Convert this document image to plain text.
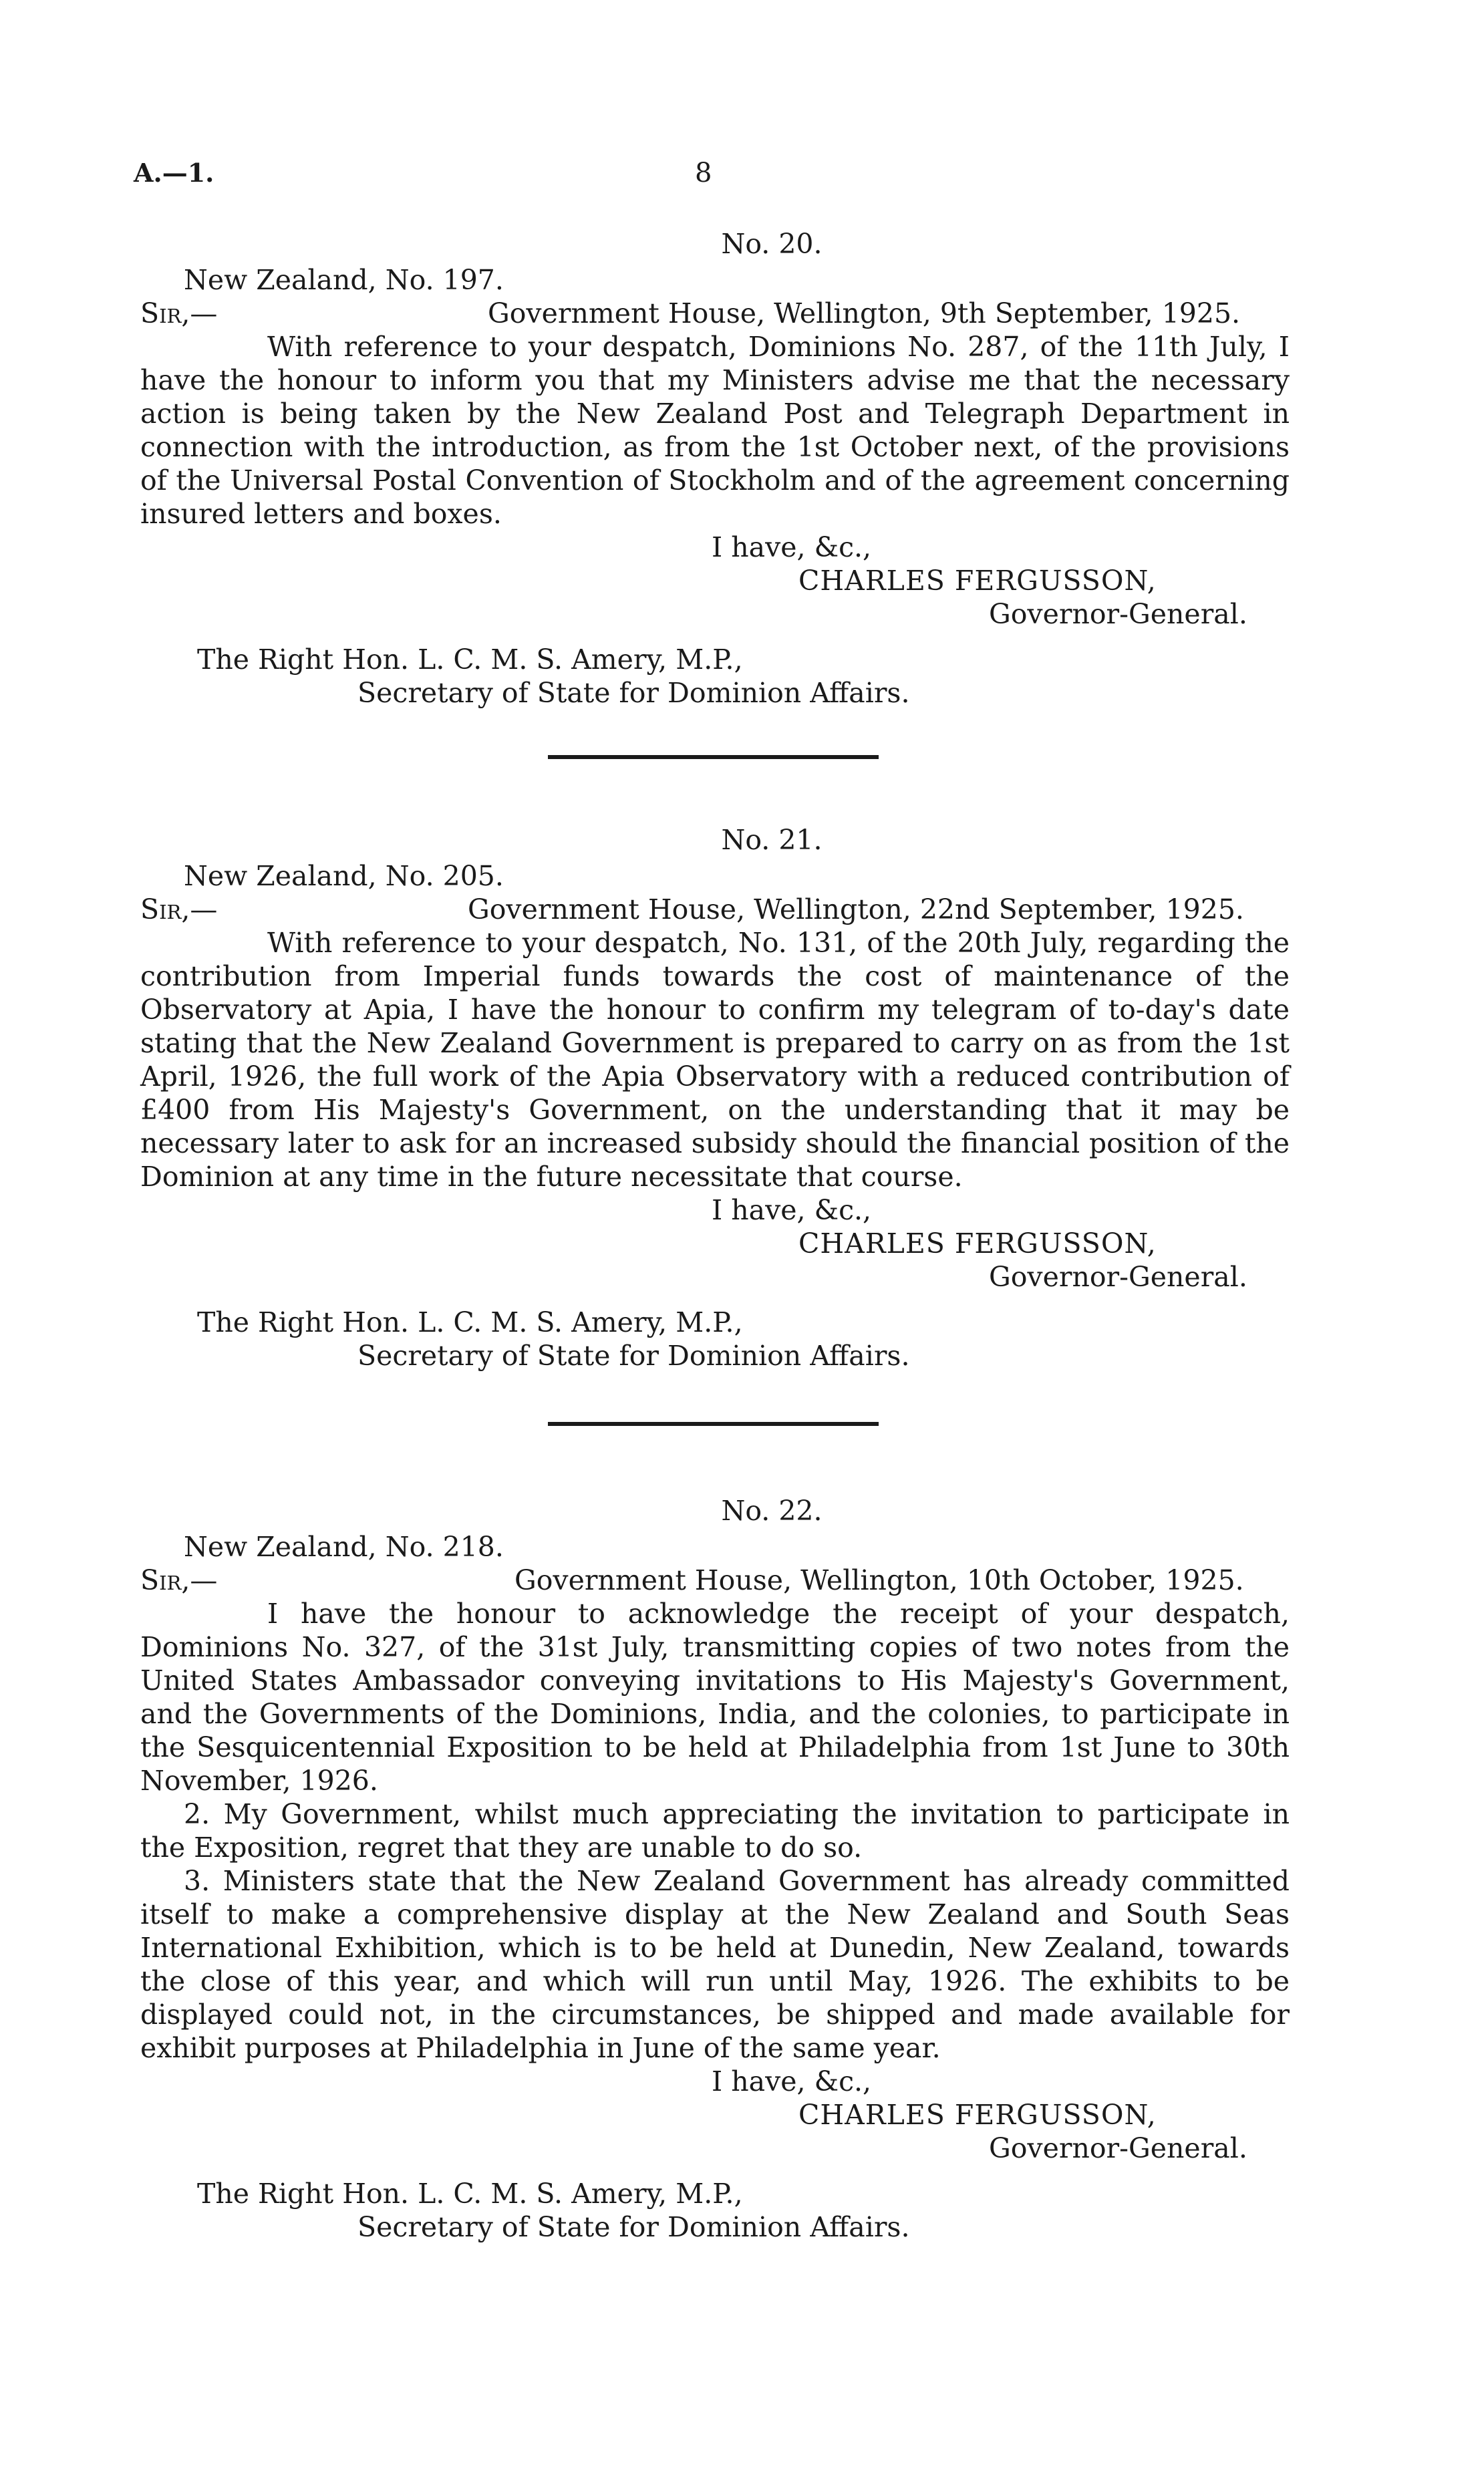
A.—1.	8
No. 20.
New Zealand, No. 197.
Sir,—	Government House, Wellington, 9th September, 1925.

With reference to your despatch, Dominions No. 287, of the 11th July, I have the honour to inform you that my Ministers advise me that the necessary action is being taken by the New Zealand Post and Telegraph Department in connection with the introduction, as from the 1st October next, of the provisions of the Universal Postal Convention of Stockholm and of the agreement concerning insured letters and boxes.

I have, &c.,
CHARLES FERGUSSON,
Governor-General.
The Right Hon. L. C. M. S. Amery, M.P.,
Secretary of State for Dominion Affairs.
No. 21.
New Zealand, No. 205.
Sir,—	Government House, Wellington, 22nd September, 1925.

With reference to your despatch, No. 131, of the 20th July, regarding the contribution from Imperial funds towards the cost of maintenance of the Observatory at Apia, I have the honour to confirm my telegram of to-day's date stating that the New Zealand Government is prepared to carry on as from the 1st April, 1926, the full work of the Apia Observatory with a reduced contribution of £400 from His Majesty's Government, on the understanding that it may be necessary later to ask for an increased subsidy should the financial position of the Dominion at any time in the future necessitate that course.

I have, &c.,
CHARLES FERGUSSON,
Governor-General.
The Right Hon. L. C. M. S. Amery, M.P.,
Secretary of State for Dominion Affairs.
No. 22.
New Zealand, No. 218.
Sir,—	Government House, Wellington, 10th October, 1925.

I have the honour to acknowledge the receipt of your despatch, Dominions No. 327, of the 31st July, transmitting copies of two notes from the United States Ambassador conveying invitations to His Majesty's Government, and the Governments of the Dominions, India, and the colonies, to participate in the Sesquicentennial Exposition to be held at Philadelphia from 1st June to 30th November, 1926.

2. My Government, whilst much appreciating the invitation to participate in the Exposition, regret that they are unable to do so.

3. Ministers state that the New Zealand Government has already committed itself to make a comprehensive display at the New Zealand and South Seas International Exhibition, which is to be held at Dunedin, New Zealand, towards the close of this year, and which will run until May, 1926. The exhibits to be displayed could not, in the circumstances, be shipped and made available for exhibit purposes at Philadelphia in June of the same year.

I have, &c.,
CHARLES FERGUSSON,
Governor-General.
The Right Hon. L. C. M. S. Amery, M.P.,
Secretary of State for Dominion Affairs.
